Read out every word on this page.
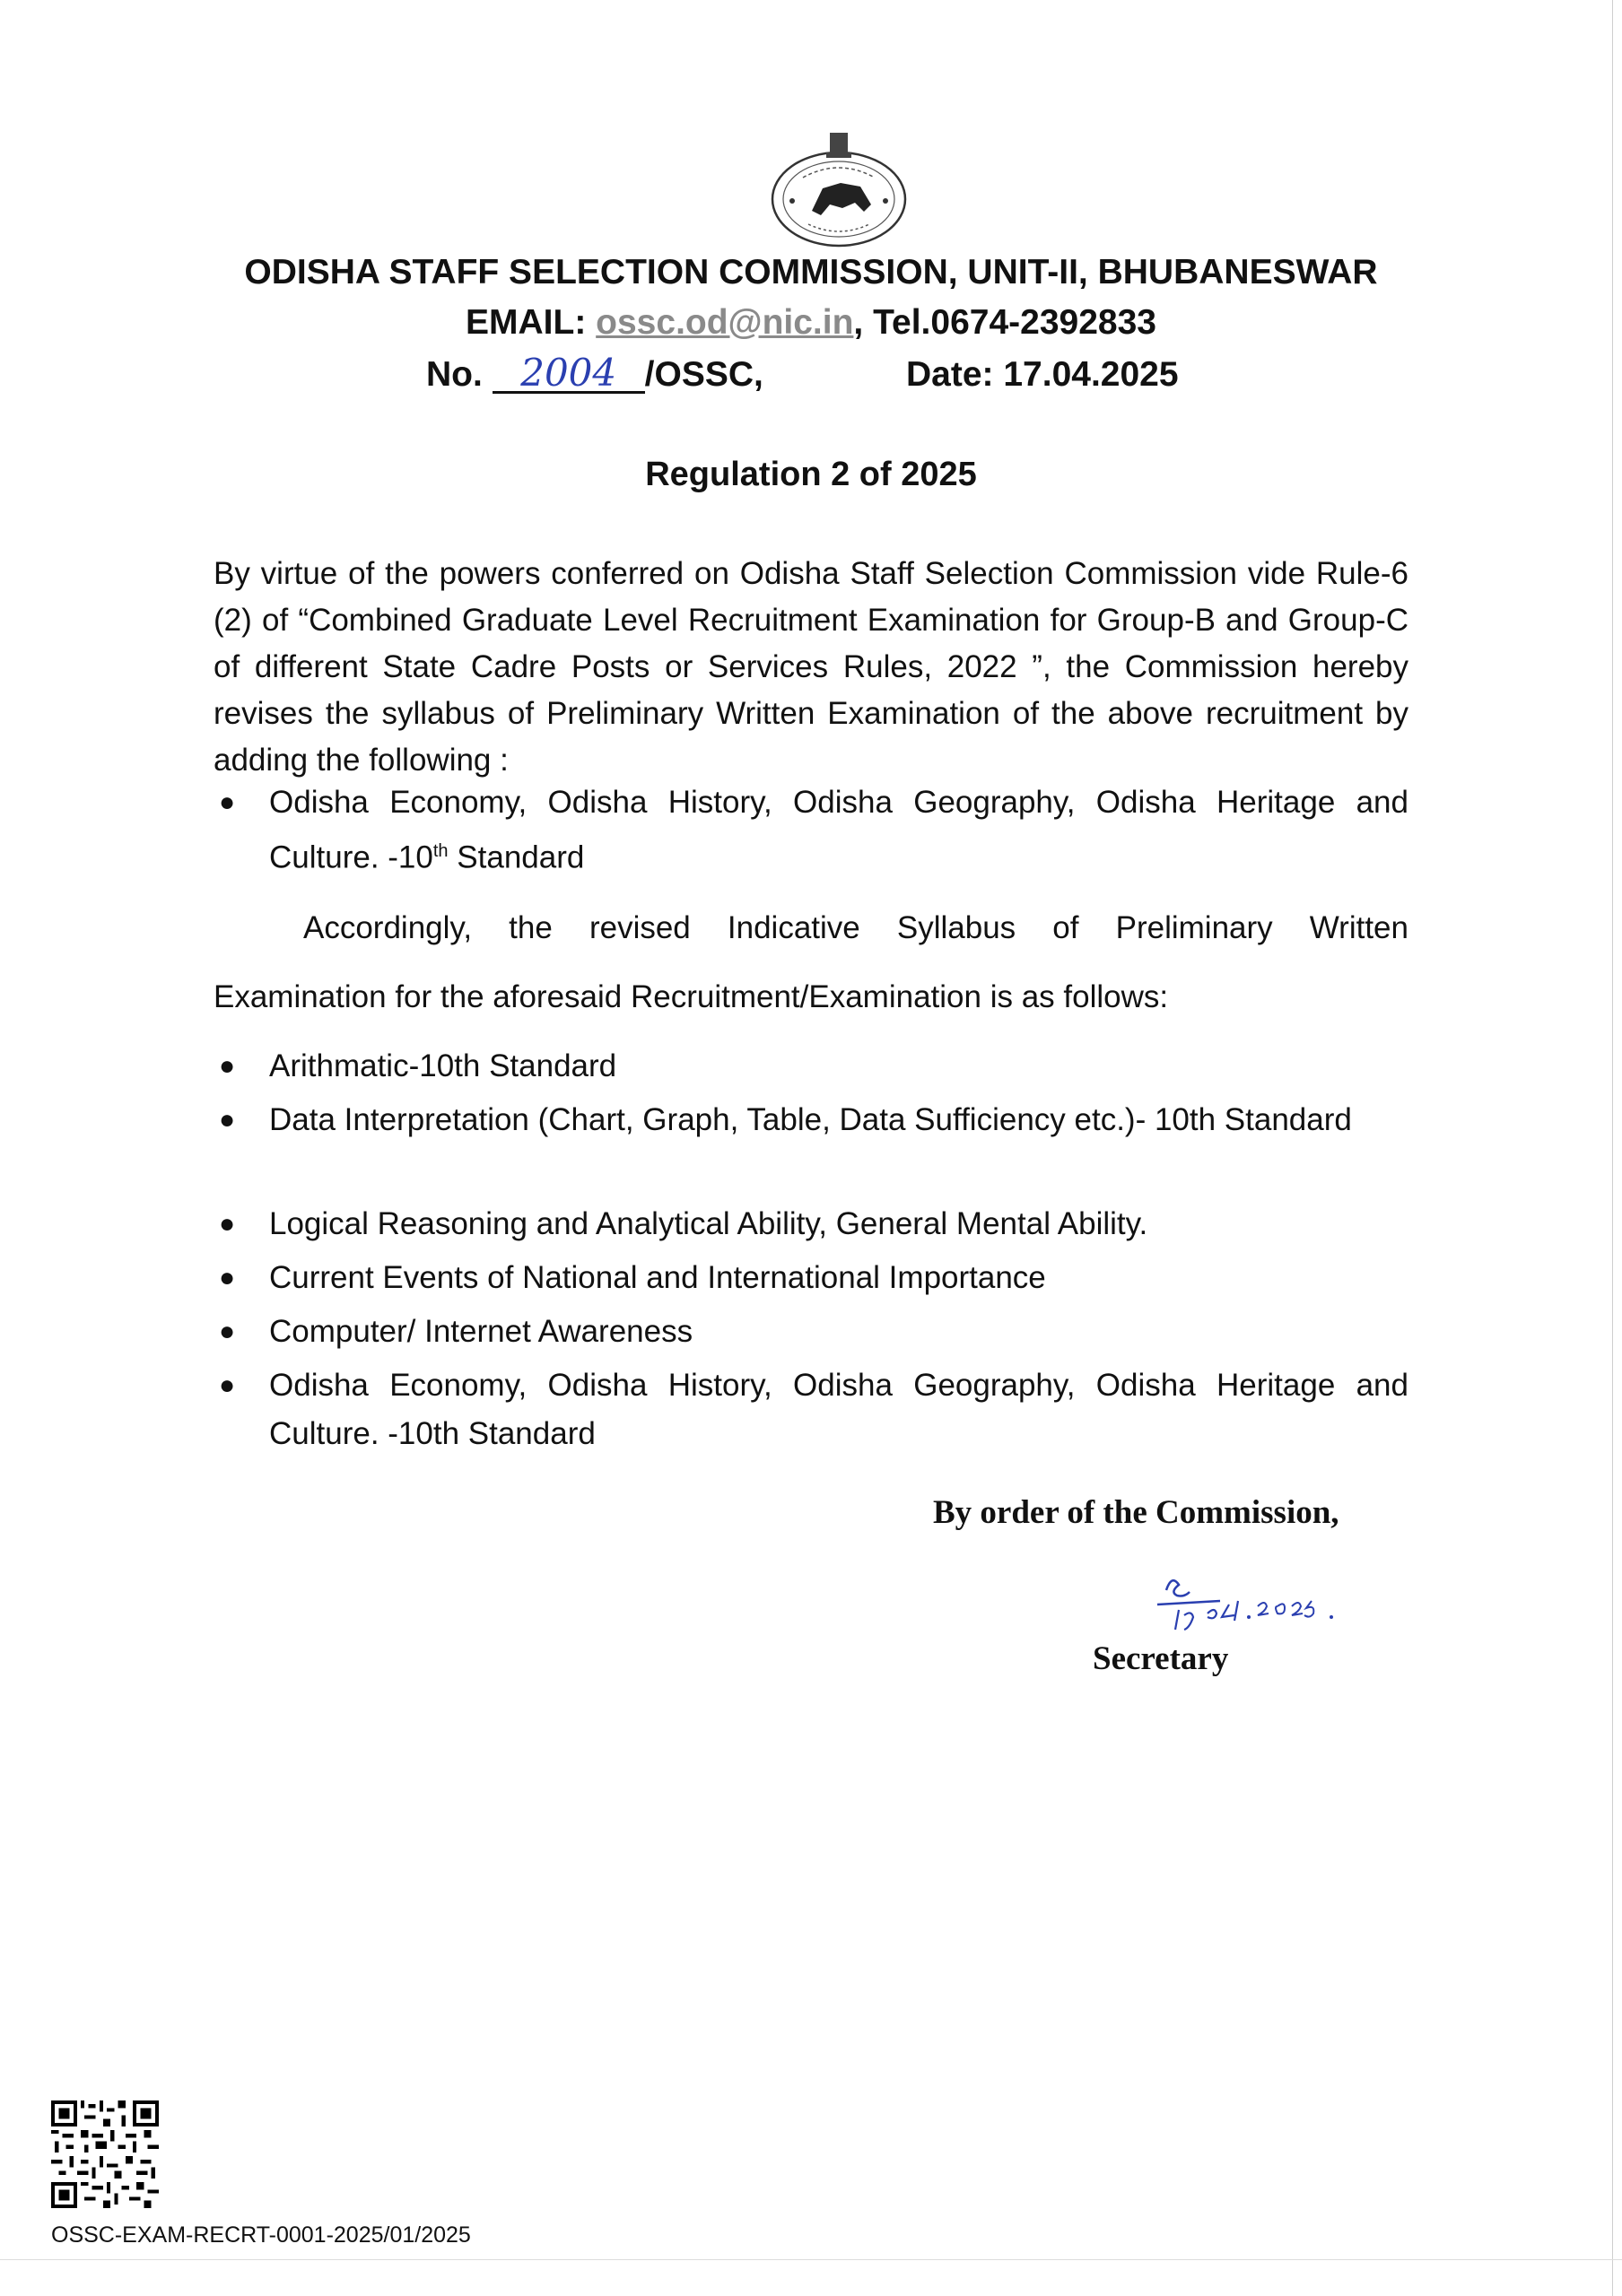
ODISHA STAFF SELECTION COMMISSION, UNIT-II, BHUBANESWAR
EMAIL: ossc.od@nic.in, Tel.0674-2392833
No. 2004 /OSSC,	Date: 17.04.2025
Regulation 2 of 2025
By virtue of the powers conferred on Odisha Staff Selection Commission vide Rule-6 (2) of “Combined Graduate Level Recruitment Examination for Group-B and Group-C of different State Cadre Posts or Services Rules, 2022 ”, the Commission hereby revises the syllabus of Preliminary Written Examination of the above recruitment by adding the following :
● Odisha Economy, Odisha History, Odisha Geography, Odisha Heritage and Culture. -10th Standard
Accordingly, the revised Indicative Syllabus of Preliminary Written
Examination for the aforesaid Recruitment/Examination is as follows:
● Arithmatic-10th Standard
● Data Interpretation (Chart, Graph, Table, Data Sufficiency etc.)- 10th Standard
● Logical Reasoning and Analytical Ability, General Mental Ability.
● Current Events of National and International Importance
● Computer/ Internet Awareness
● Odisha Economy, Odisha History, Odisha Geography, Odisha Heritage and Culture. -10th Standard
By order of the Commission,
Secretary
OSSC-EXAM-RECRT-0001-2025/01/2025
